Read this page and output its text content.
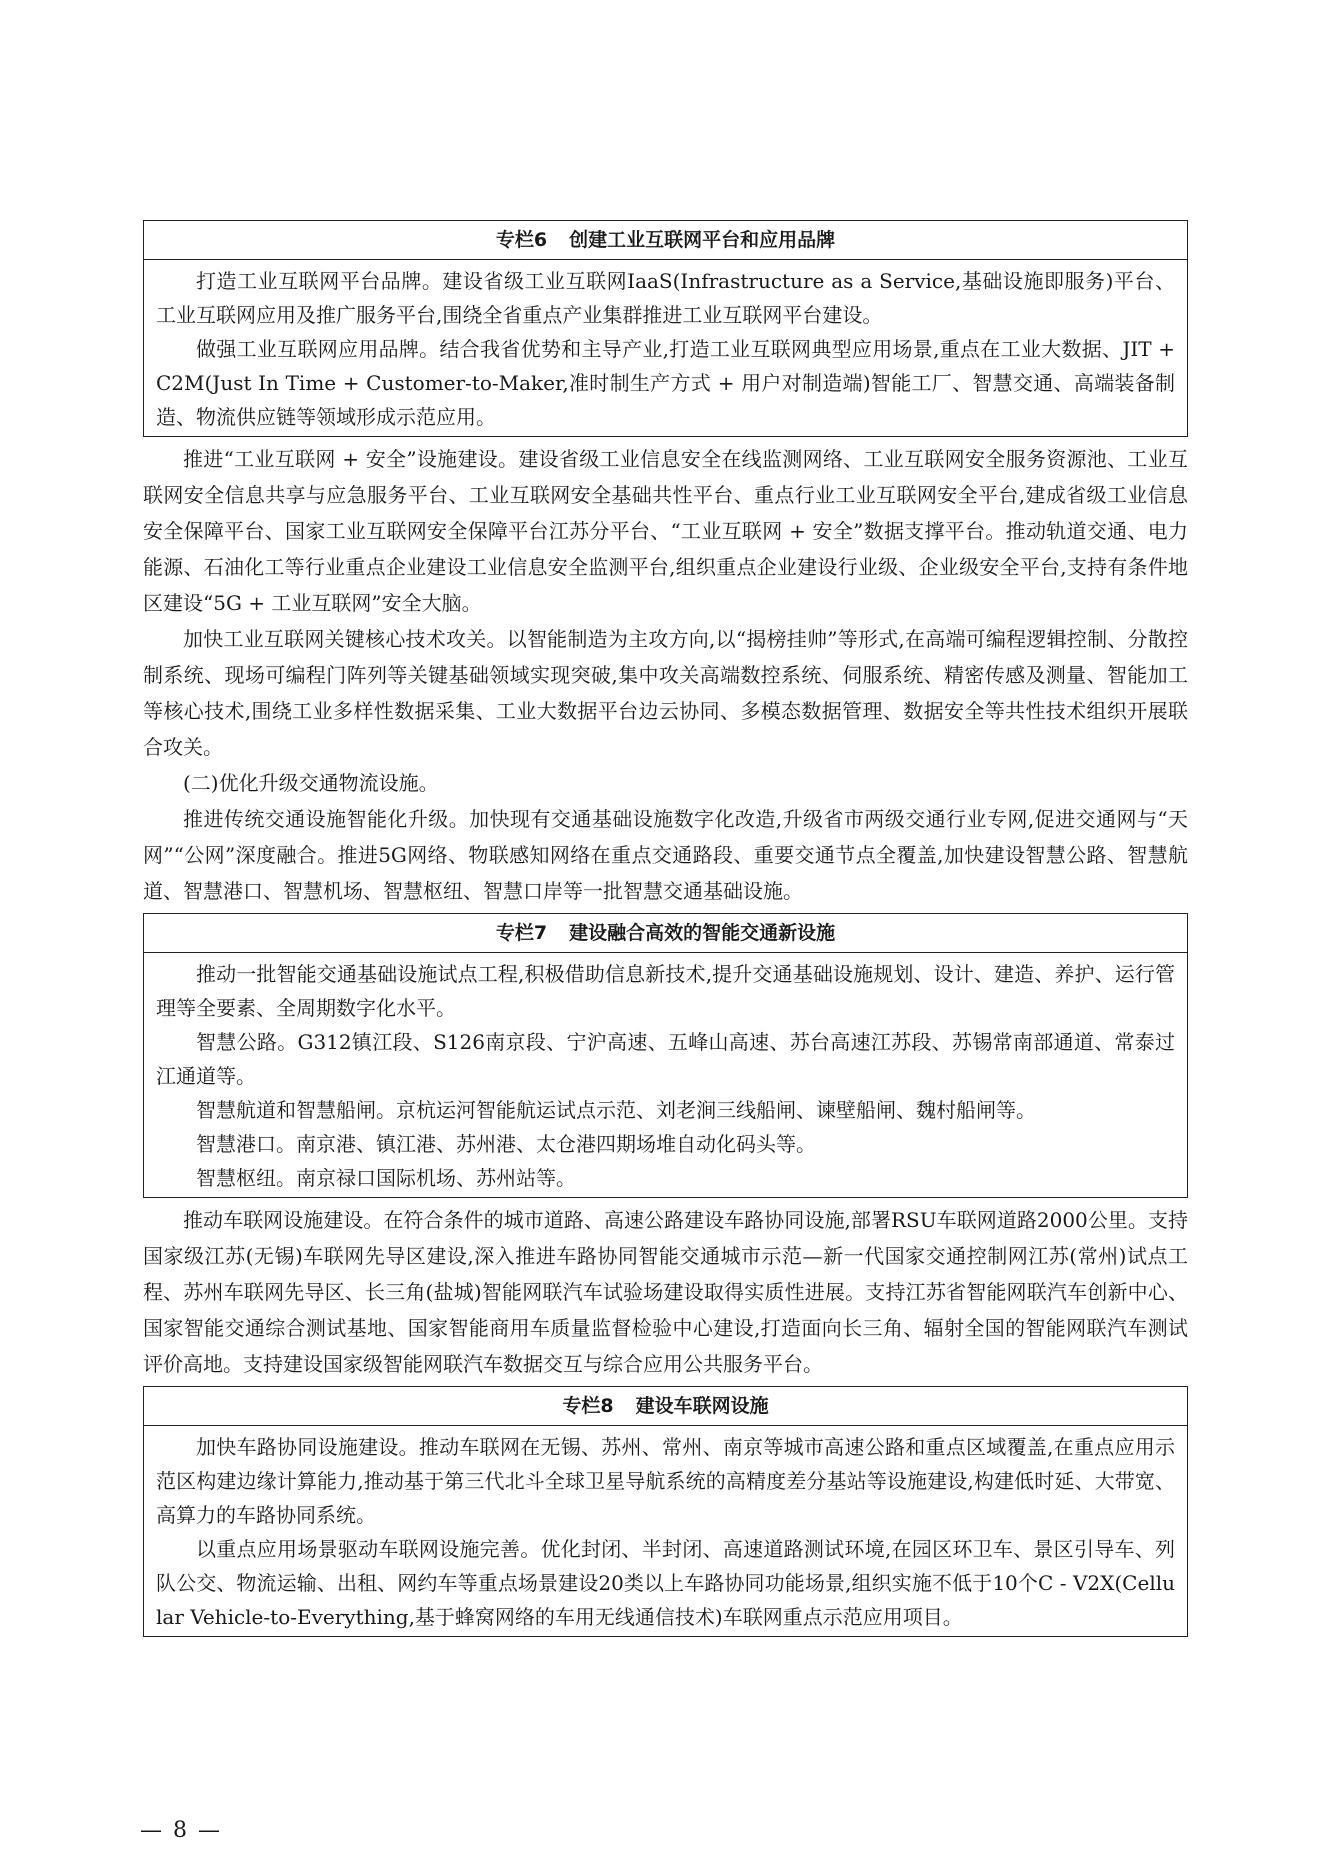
专栏6 创建工业互联网平台和应用品牌

打造工业互联网平台品牌。建设省级工业互联网IaaS(Infrastructure as a Service,基础设施即服务)平台、工业互联网应用及推广服务平台,围绕全省重点产业集群推进工业互联网平台建设。

做强工业互联网应用品牌。结合我省优势和主导产业,打造工业互联网典型应用场景,重点在工业大数据、JIT + C2M(Just In Time + Customer-to-Maker,准时制生产方式 + 用户对制造端)智能工厂、智慧交通、高端装备制造、物流供应链等领域形成示范应用。

推进“工业互联网 + 安全”设施建设。建设省级工业信息安全在线监测网络、工业互联网安全服务资源池、工业互联网安全信息共享与应急服务平台、工业互联网安全基础共性平台、重点行业工业互联网安全平台,建成省级工业信息安全保障平台、国家工业互联网安全保障平台江苏分平台、“工业互联网 + 安全”数据支撑平台。推动轨道交通、电力能源、石油化工等行业重点企业建设工业信息安全监测平台,组织重点企业建设行业级、企业级安全平台,支持有条件地区建设“5G + 工业互联网”安全大脑。

加快工业互联网关键核心技术攻关。以智能制造为主攻方向,以“揭榜挂帅”等形式,在高端可编程逻辑控制、分散控制系统、现场可编程门阵列等关键基础领域实现突破,集中攻关高端数控系统、伺服系统、精密传感及测量、智能加工等核心技术,围绕工业多样性数据采集、工业大数据平台边云协同、多模态数据管理、数据安全等共性技术组织开展联合攻关。

(二)优化升级交通物流设施。

推进传统交通设施智能化升级。加快现有交通基础设施数字化改造,升级省市两级交通行业专网,促进交通网与“天网”“公网”深度融合。推进5G网络、物联感知网络在重点交通路段、重要交通节点全覆盖,加快建设智慧公路、智慧航道、智慧港口、智慧机场、智慧枢纽、智慧口岸等一批智慧交通基础设施。

专栏7 建设融合高效的智能交通新设施

推动一批智能交通基础设施试点工程,积极借助信息新技术,提升交通基础设施规划、设计、建造、养护、运行管理等全要素、全周期数字化水平。

智慧公路。G312镇江段、S126南京段、宁沪高速、五峰山高速、苏台高速江苏段、苏锡常南部通道、常泰过江通道等。

智慧航道和智慧船闸。京杭运河智能航运试点示范、刘老涧三线船闸、谏壁船闸、魏村船闸等。

智慧港口。南京港、镇江港、苏州港、太仓港四期场堆自动化码头等。

智慧枢纽。南京禄口国际机场、苏州站等。

推动车联网设施建设。在符合条件的城市道路、高速公路建设车路协同设施,部署RSU车联网道路2000公里。支持国家级江苏(无锡)车联网先导区建设,深入推进车路协同智能交通城市示范—新一代国家交通控制网江苏(常州)试点工程、苏州车联网先导区、长三角(盐城)智能网联汽车试验场建设取得实质性进展。支持江苏省智能网联汽车创新中心、国家智能交通综合测试基地、国家智能商用车质量监督检验中心建设,打造面向长三角、辐射全国的智能网联汽车测试评价高地。支持建设国家级智能网联汽车数据交互与综合应用公共服务平台。

专栏8 建设车联网设施

加快车路协同设施建设。推动车联网在无锡、苏州、常州、南京等城市高速公路和重点区域覆盖,在重点应用示范区构建边缘计算能力,推动基于第三代北斗全球卫星导航系统的高精度差分基站等设施建设,构建低时延、大带宽、高算力的车路协同系统。

以重点应用场景驱动车联网设施完善。优化封闭、半封闭、高速道路测试环境,在园区环卫车、景区引导车、列队公交、物流运输、出租、网约车等重点场景建设20类以上车路协同功能场景,组织实施不低于10个C - V2X(Cellular Vehicle-to-Everything,基于蜂窝网络的车用无线通信技术)车联网重点示范应用项目。

— 8 —
